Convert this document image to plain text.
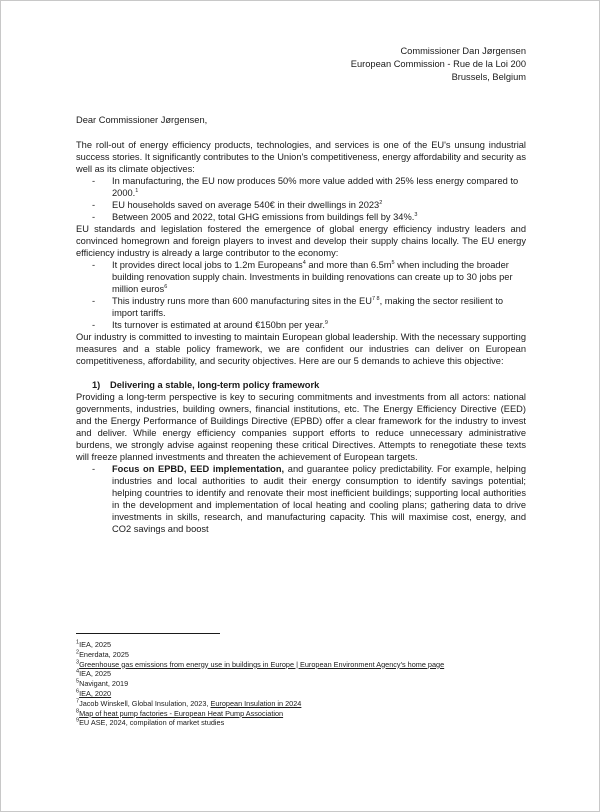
Commissioner Dan Jørgensen
European Commission - Rue de la Loi 200
Brussels, Belgium

Dear Commissioner Jørgensen,

The roll-out of energy efficiency products, technologies, and services is one of the EU's unsung industrial success stories. It significantly contributes to the Union's competitiveness, energy affordability and security as well as its climate objectives:

- In manufacturing, the EU now produces 50% more value added with 25% less energy compared to 2000.$^1$
- EU households saved on average 540€ in their dwellings in 2023$^2$
- Between 2005 and 2022, total GHG emissions from buildings fell by 34%.$^3$

EU standards and legislation fostered the emergence of global energy efficiency industry leaders and convinced homegrown and foreign players to invest and develop their supply chains locally. The EU energy efficiency industry is already a large contributor to the economy:

- It provides direct local jobs to 1.2m Europeans$^4$ and more than $6.5m^5$ when including the broader building renovation supply chain. Investments in building renovations can create up to 30 jobs per million euros$^6$
- This industry runs more than 600 manufacturing sites in the $EU^{7 8}$, making the sector resilient to import tariffs.
- Its turnover is estimated at around €150bn per year.$^9$

Our industry is committed to investing to maintain European global leadership. With the necessary supporting measures and a stable policy framework, we are confident our industries can deliver on European competitiveness, affordability, and security objectives. Here are our 5 demands to achieve this objective:

1) Delivering a stable, long-term policy framework

Providing a long-term perspective is key to securing commitments and investments from all actors: national governments, industries, building owners, financial institutions, etc. The Energy Efficiency Directive (EED) and the Energy Performance of Buildings Directive (EPBD) offer a clear framework for the industry to invest and deliver. While energy efficiency companies support efforts to reduce unnecessary administrative burdens, we strongly advise against reopening these critical Directives. Attempts to renegotiate these texts will freeze planned investments and threaten the achievement of European targets.

- Focus on EPBD, EED implementation, and guarantee policy predictability. For example, helping industries and local authorities to audit their energy consumption to identify savings potential; helping countries to identify and renovate their most inefficient buildings; supporting local authorities in the development and implementation of local heating and cooling plans; gathering data to drive investments in skills, research, and manufacturing capacity. This will maximise cost, energy, and CO2 savings and boost
$^1$IEA, 2025
$^2$Enerdata, 2025
$^3$Greenhouse gas emissions from energy use in buildings in Europe | European Environment Agency's home page
$^4$IEA, 2025
$^5$Navigant, 2019
$^6$IEA, 2020
$^7$Jacob Winskell, Global Insulation, 2023, European Insulation in 2024
$^8$Map of heat pump factories - European Heat Pump Association
$^9$EU ASE, 2024, compilation of market studies
